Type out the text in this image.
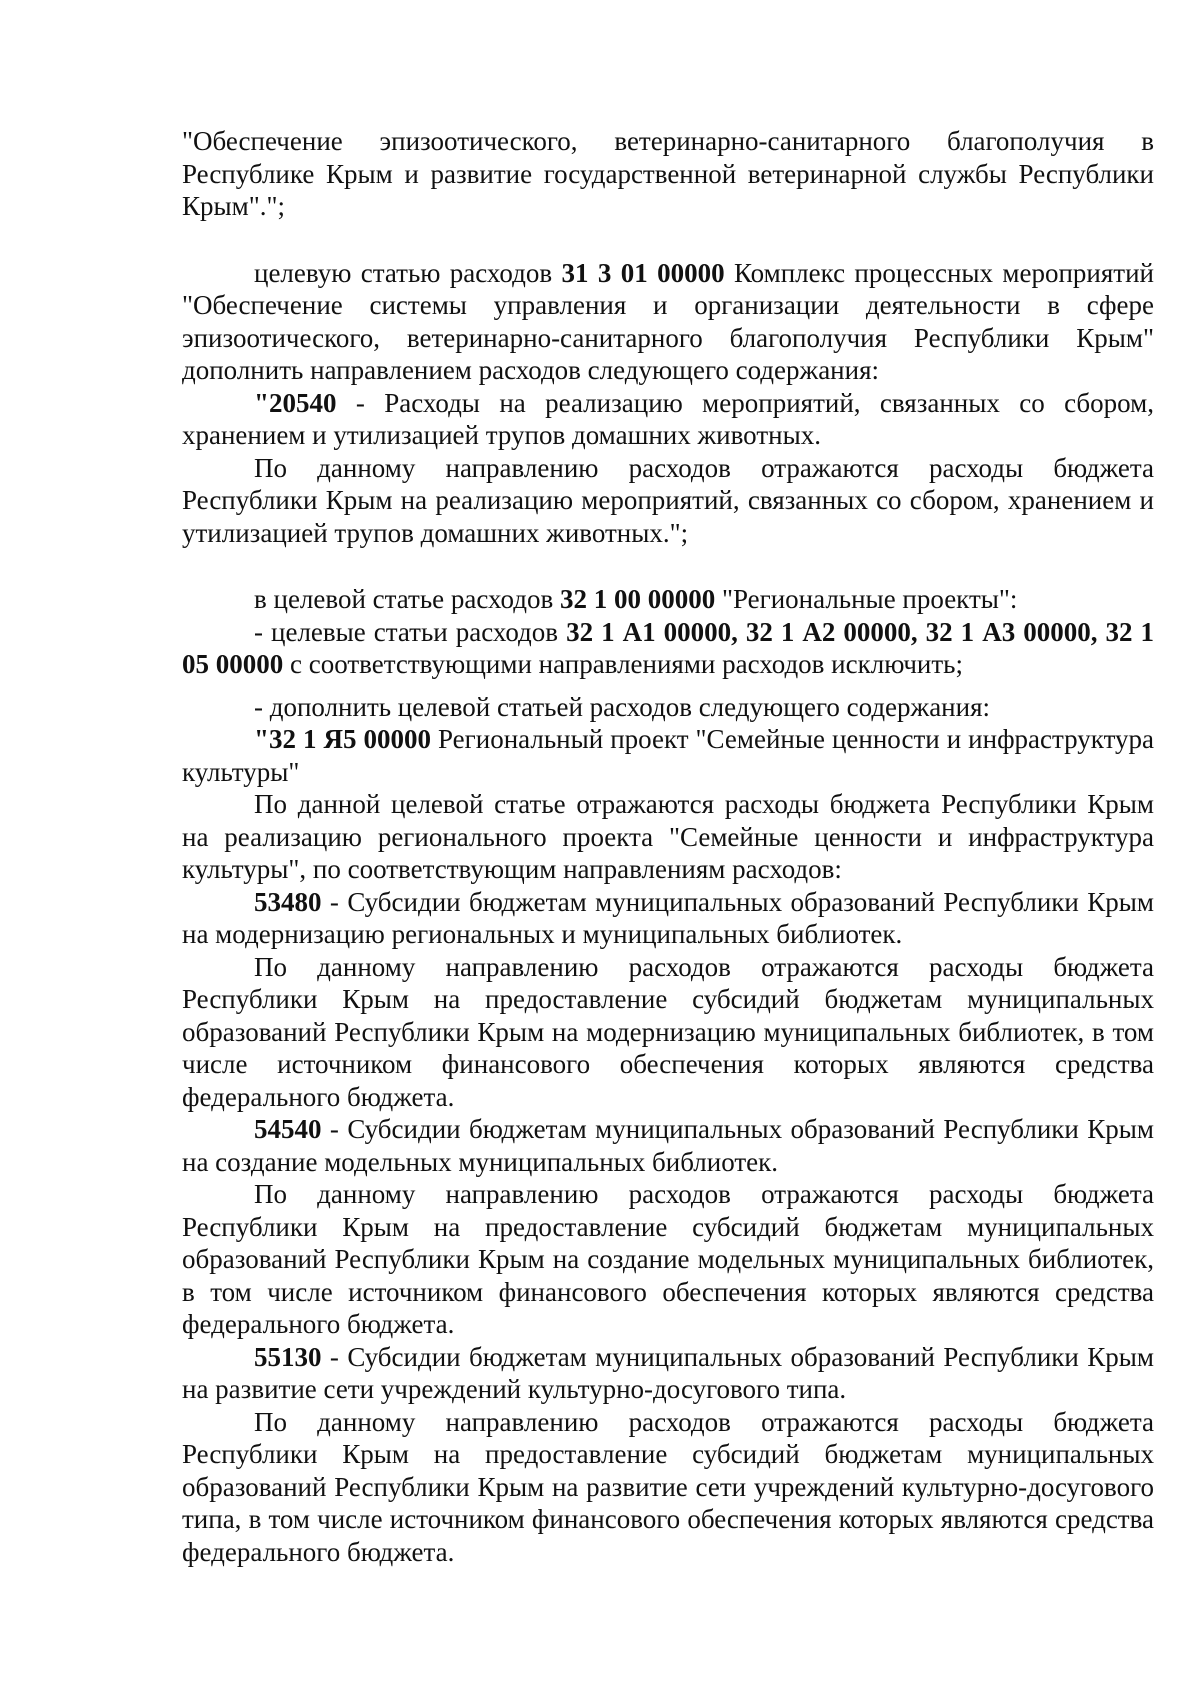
"Обеспечение эпизоотического, ветеринарно-санитарного благополучия в Республике Крым и развитие государственной ветеринарной службы Республики Крым".";

целевую статью расходов 31 3 01 00000 Комплекс процессных мероприятий "Обеспечение системы управления и организации деятельности в сфере эпизоотического, ветеринарно-санитарного благополучия Республики Крым" дополнить направлением расходов следующего содержания:

"20540 - Расходы на реализацию мероприятий, связанных со сбором, хранением и утилизацией трупов домашних животных.

По данному направлению расходов отражаются расходы бюджета Республики Крым на реализацию мероприятий, связанных со сбором, хранением и утилизацией трупов домашних животных.";

в целевой статье расходов 32 1 00 00000 "Региональные проекты":

- целевые статьи расходов 32 1 А1 00000, 32 1 А2 00000, 32 1 А3 00000, 32 1 05 00000 с соответствующими направлениями расходов исключить;

- дополнить целевой статьей расходов следующего содержания:

"32 1 Я5 00000 Региональный проект "Семейные ценности и инфраструктура культуры"

По данной целевой статье отражаются расходы бюджета Республики Крым на реализацию регионального проекта "Семейные ценности и инфраструктура культуры", по соответствующим направлениям расходов:

53480 - Субсидии бюджетам муниципальных образований Республики Крым на модернизацию региональных и муниципальных библиотек.

По данному направлению расходов отражаются расходы бюджета Республики Крым на предоставление субсидий бюджетам муниципальных образований Республики Крым на модернизацию муниципальных библиотек, в том числе источником финансового обеспечения которых являются средства федерального бюджета.

54540 - Субсидии бюджетам муниципальных образований Республики Крым на создание модельных муниципальных библиотек.

По данному направлению расходов отражаются расходы бюджета Республики Крым на предоставление субсидий бюджетам муниципальных образований Республики Крым на создание модельных муниципальных библиотек, в том числе источником финансового обеспечения которых являются средства федерального бюджета.

55130 - Субсидии бюджетам муниципальных образований Республики Крым на развитие сети учреждений культурно-досугового типа.

По данному направлению расходов отражаются расходы бюджета Республики Крым на предоставление субсидий бюджетам муниципальных образований Республики Крым на развитие сети учреждений культурно-досугового типа, в том числе источником финансового обеспечения которых являются средства федерального бюджета.
